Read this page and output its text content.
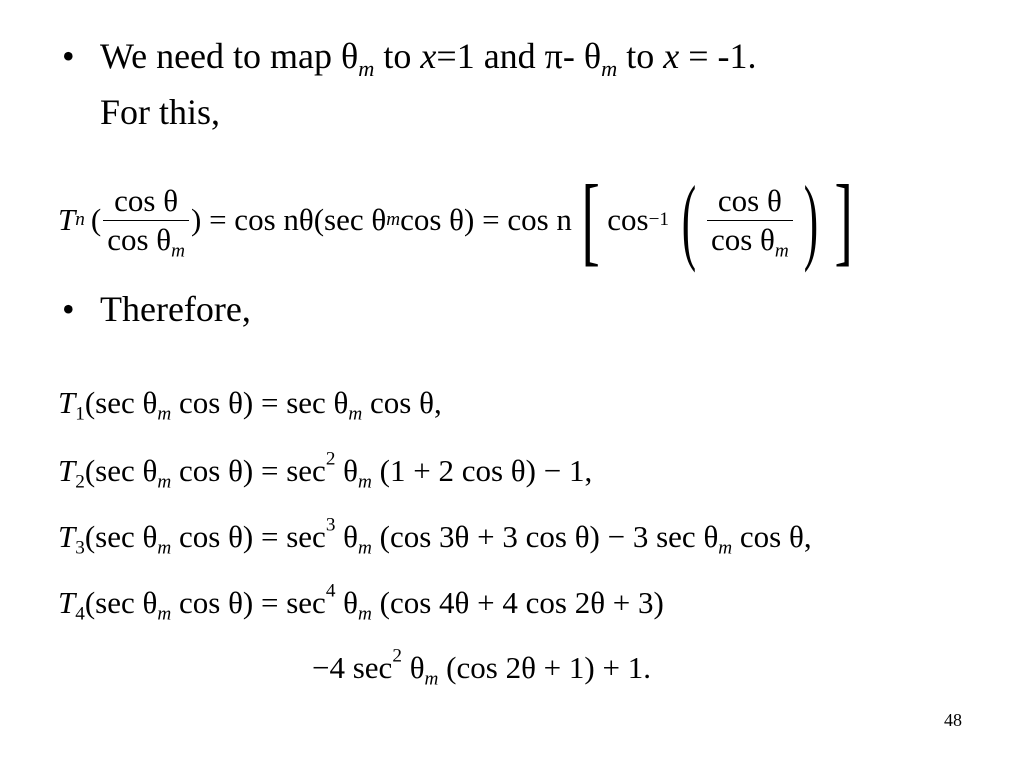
• We need to map $\theta_m$ to x=1 and π- $\theta_m$ to x = -1.
For this,
T n ( $\frac{\text{cos θ}}{\cos \theta_m}$ ) = cos nθ(sec θ m cos θ) = cos n [ cos −1 ( $\frac{\text{cos θ}}{\cos \theta_m}$ ) ]
• Therefore,
$T_1(\sec$ $\theta_m$ $\cos \theta) = \sec \theta_m$ cos θ,
$T_2(\sec$ $\theta_m$ $\cos \theta) = \sec^2 \theta_m$ (1 + 2 cos θ) − 1,
$T_3(\sec$ $\theta_m$ $\cos \theta) = \sec^3 \theta_m$ (cos 3θ + 3 cos θ) − 3 $\sec \theta_m$ cos θ,
$T_4(\sec$ $\theta_m$ $\cos \theta) = \sec^4 \theta_m$ (cos 4θ + 4 cos 2θ + 3)
−4 $\sec^2 \theta_m$ (cos 2θ + 1) + 1.
48
